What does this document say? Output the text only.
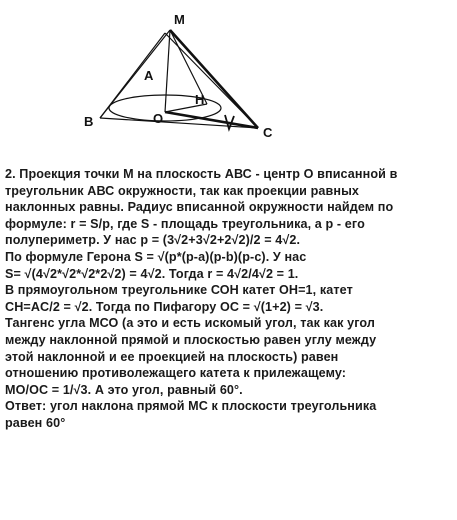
M
A
H
B	O
C
2. Проекция точки М на плоскость АВС - центр О вписанной в
треугольник АВС окружности, так как проекции равных
наклонных равны. Радиус вписанной окружности найдем по
формуле: r = S/p, где S - площадь треугольника, а р - его
полупериметр. У нас р = (3√2+3√2+2√2)/2 = 4√2.
По формуле Герона S = √(p*(p-a)(p-b)(p-c). У нас
S= √(4√2*√2*√2*2√2) = 4√2. Тогда r = 4√2/4√2 = 1.
В прямоугольном треугольнике СОН катет ОН=1, катет
CH=AC/2 = √2. Тогда по Пифагору ОС = √(1+2) = √3.
Тангенс угла МСО (а это и есть искомый угол, так как угол
между наклонной прямой и плоскостью равен углу между
этой наклонной и ее проекцией на плоскость) равен
отношению противолежащего катета к прилежащему:
МО/ОС = 1/√3. А это угол, равный 60°.
Ответ: угол наклона прямой МС к плоскости треугольника
равен 60°
